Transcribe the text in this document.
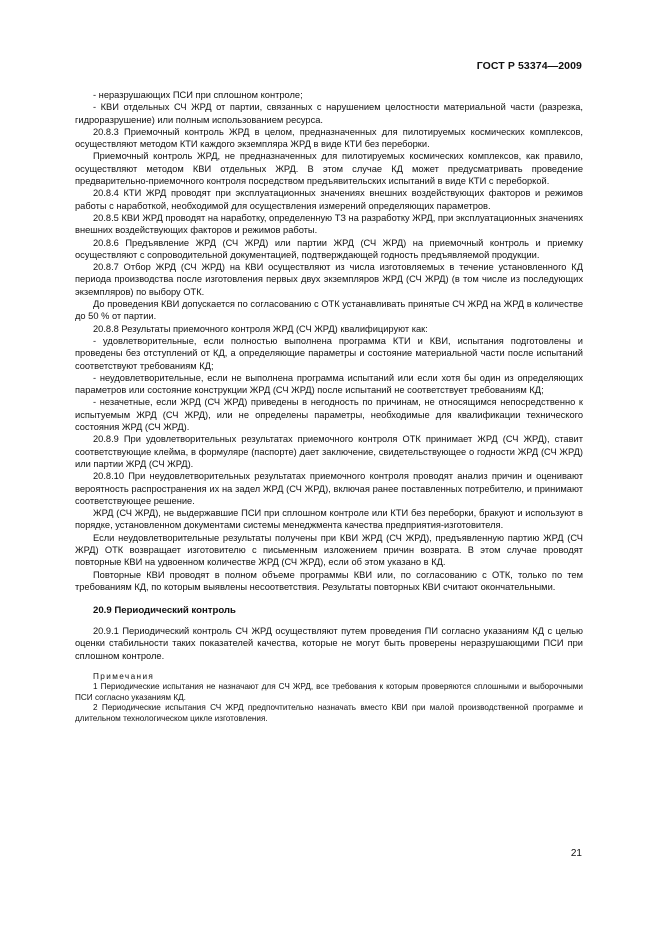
ГОСТ Р 53374—2009

- неразрушающих ПСИ при сплошном контроле;

- КВИ отдельных СЧ ЖРД от партии, связанных с нарушением целостности материальной части (разрезка, гидроразрушение) или полным использованием ресурса.

20.8.3 Приемочный контроль ЖРД в целом, предназначенных для пилотируемых космических комплексов, осуществляют методом КТИ каждого экземпляра ЖРД в виде КТИ без переборки.

Приемочный контроль ЖРД, не предназначенных для пилотируемых космических комплексов, как правило, осуществляют методом КВИ отдельных ЖРД. В этом случае КД может предусматривать проведение предварительно-приемочного контроля посредством предъявительских испытаний в виде КТИ с переборкой.

20.8.4 КТИ ЖРД проводят при эксплуатационных значениях внешних воздействующих факторов и режимов работы с наработкой, необходимой для осуществления измерений определяющих параметров.

20.8.5 КВИ ЖРД проводят на наработку, определенную ТЗ на разработку ЖРД, при эксплуатационных значениях внешних воздействующих факторов и режимов работы.

20.8.6 Предъявление ЖРД (СЧ ЖРД) или партии ЖРД (СЧ ЖРД) на приемочный контроль и приемку осуществляют с сопроводительной документацией, подтверждающей годность предъявляемой продукции.

20.8.7 Отбор ЖРД (СЧ ЖРД) на КВИ осуществляют из числа изготовляемых в течение установленного КД периода производства после изготовления первых двух экземпляров ЖРД (СЧ ЖРД) (в том числе из последующих экземпляров) по выбору ОТК.

До проведения КВИ допускается по согласованию с ОТК устанавливать принятые СЧ ЖРД на ЖРД в количестве до 50 % от партии.

20.8.8 Результаты приемочного контроля ЖРД (СЧ ЖРД) квалифицируют как:

- удовлетворительные, если полностью выполнена программа КТИ и КВИ, испытания подготовлены и проведены без отступлений от КД, а определяющие параметры и состояние материальной части после испытаний соответствуют требованиям КД;

- неудовлетворительные, если не выполнена программа испытаний или если хотя бы один из определяющих параметров или состояние конструкции ЖРД (СЧ ЖРД) после испытаний не соответствует требованиям КД;

- незачетные, если ЖРД (СЧ ЖРД) приведены в негодность по причинам, не относящимся непосредственно к испытуемым ЖРД (СЧ ЖРД), или не определены параметры, необходимые для квалификации технического состояния ЖРД (СЧ ЖРД).

20.8.9 При удовлетворительных результатах приемочного контроля ОТК принимает ЖРД (СЧ ЖРД), ставит соответствующие клейма, в формуляре (паспорте) дает заключение, свидетельствующее о годности ЖРД (СЧ ЖРД) или партии ЖРД (СЧ ЖРД).

20.8.10 При неудовлетворительных результатах приемочного контроля проводят анализ причин и оценивают вероятность распространения их на задел ЖРД (СЧ ЖРД), включая ранее поставленных потребителю, и принимают соответствующее решение.

ЖРД (СЧ ЖРД), не выдержавшие ПСИ при сплошном контроле или КТИ без переборки, бракуют и используют в порядке, установленном документами системы менеджмента качества предприятия-изготовителя.

Если неудовлетворительные результаты получены при КВИ ЖРД (СЧ ЖРД), предъявленную партию ЖРД (СЧ ЖРД) ОТК возвращает изготовителю с письменным изложением причин возврата. В этом случае проводят повторные КВИ на удвоенном количестве ЖРД (СЧ ЖРД), если об этом указано в КД.

Повторные КВИ проводят в полном объеме программы КВИ или, по согласованию с ОТК, только по тем требованиям КД, по которым выявлены несоответствия. Результаты повторных КВИ считают окончательными.

20.9 Периодический контроль

20.9.1 Периодический контроль СЧ ЖРД осуществляют путем проведения ПИ согласно указаниям КД с целью оценки стабильности таких показателей качества, которые не могут быть проверены неразрушающими ПСИ при сплошном контроле.

Примечания

1 Периодические испытания не назначают для СЧ ЖРД, все требования к которым проверяются сплошными и выборочными ПСИ согласно указаниям КД.

2 Периодические испытания СЧ ЖРД предпочтительно назначать вместо КВИ при малой производственной программе и длительном технологическом цикле изготовления.

21
